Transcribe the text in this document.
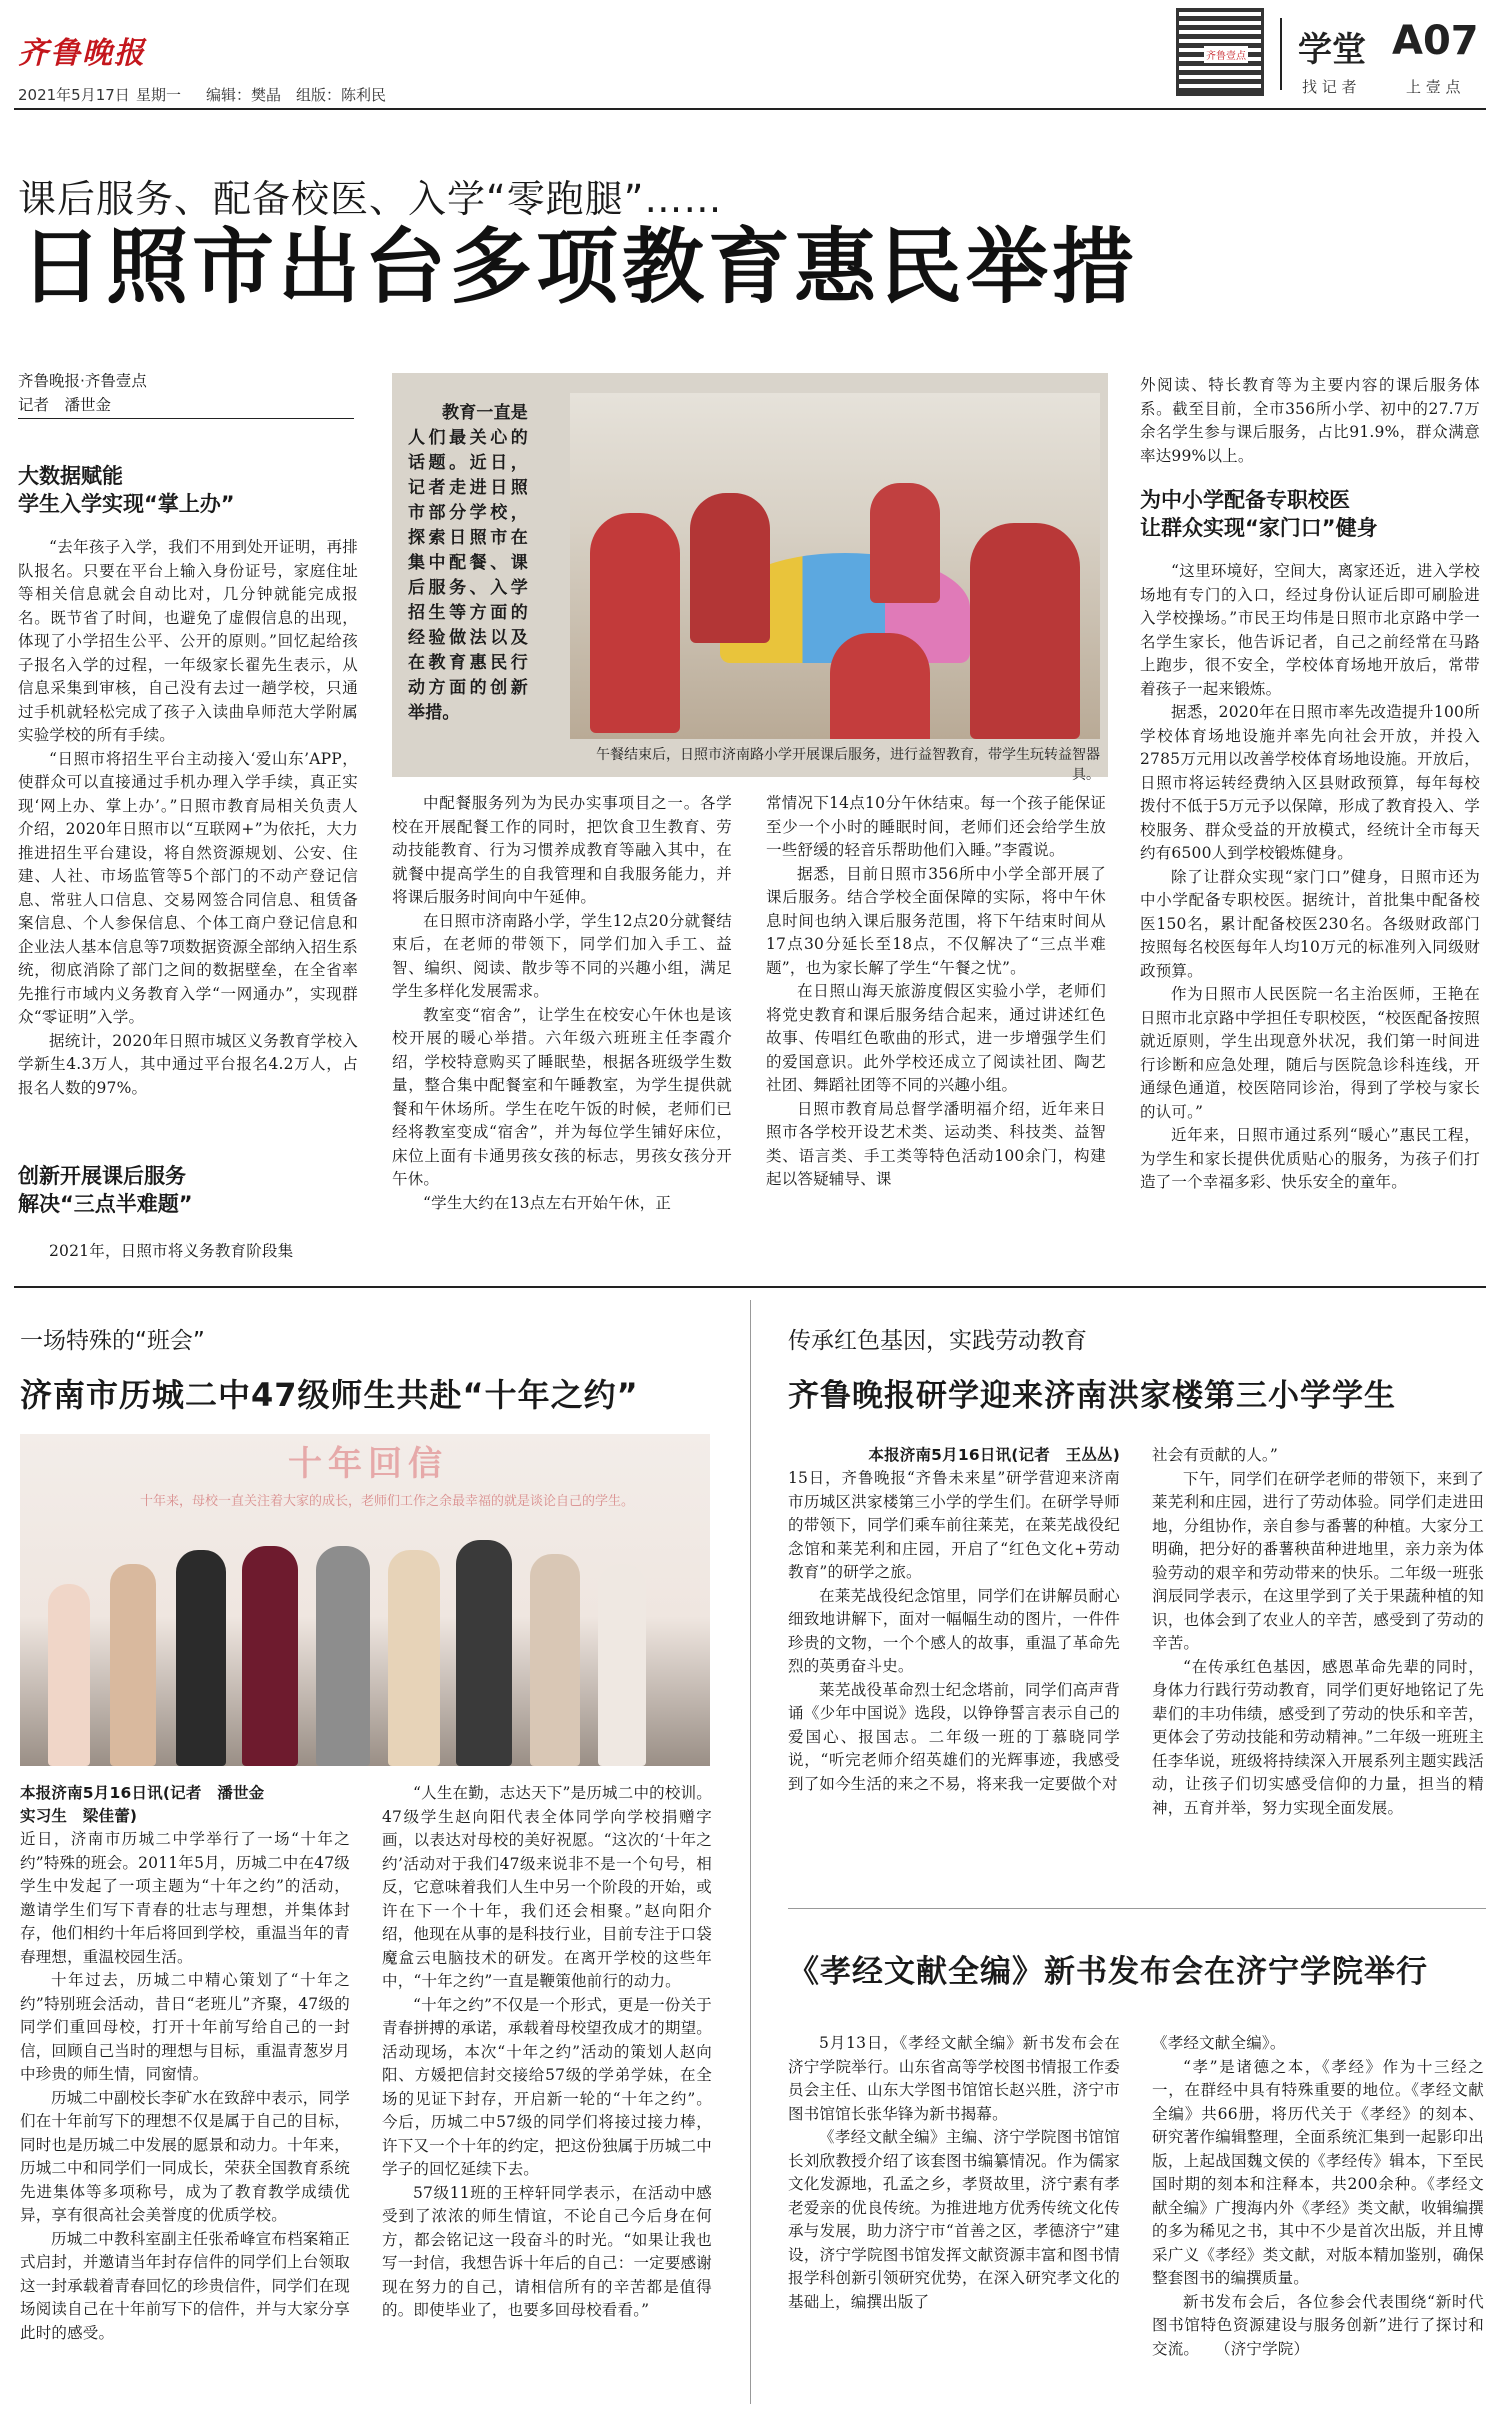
齐鲁晚报
2021年5月17日 星期一 编辑：樊晶 组版：陈利民
齐鲁壹点 学堂 A07
找 记 者	上 壹 点
课后服务、配备校医、入学“零跑腿”……
日照市出台多项教育惠民举措
齐鲁晚报·齐鲁壹点
记者　潘世金
大数据赋能
学生入学实现“掌上办”

“去年孩子入学，我们不用到处开证明，再排队报名。只要在平台上输入身份证号，家庭住址等相关信息就会自动比对，几分钟就能完成报名。既节省了时间，也避免了虚假信息的出现，体现了小学招生公平、公开的原则。”回忆起给孩子报名入学的过程，一年级家长翟先生表示，从信息采集到审核，自己没有去过一趟学校，只通过手机就轻松完成了孩子入读曲阜师范大学附属实验学校的所有手续。

“日照市将招生平台主动接入‘爱山东’APP，使群众可以直接通过手机办理入学手续，真正实现‘网上办、掌上办’。”日照市教育局相关负责人介绍，2020年日照市以“互联网+”为依托，大力推进招生平台建设，将自然资源规划、公安、住建、人社、市场监管等5个部门的不动产登记信息、常驻人口信息、交易网签合同信息、租赁备案信息、个人参保信息、个体工商户登记信息和企业法人基本信息等7项数据资源全部纳入招生系统，彻底消除了部门之间的数据壁垒，在全省率先推行市域内义务教育入学“一网通办”，实现群众“零证明”入学。

据统计，2020年日照市城区义务教育学校入学新生4.3万人，其中通过平台报名4.2万人，占报名人数的97%。

创新开展课后服务
解决“三点半难题”

2021年，日照市将义务教育阶段集

教育一直是人们最关心的话题。近日，记者走进日照市部分学校，探索日照市在集中配餐、课后服务、入学招生等方面的经验做法以及在教育惠民行动方面的创新举措。
午餐结束后，日照市济南路小学开展课后服务，进行益智教育，带学生玩转益智器具。

中配餐服务列为为民办实事项目之一。各学校在开展配餐工作的同时，把饮食卫生教育、劳动技能教育、行为习惯养成教育等融入其中，在就餐中提高学生的自我管理和自我服务能力，并将课后服务时间向中午延伸。

在日照市济南路小学，学生12点20分就餐结束后，在老师的带领下，同学们加入手工、益智、编织、阅读、散步等不同的兴趣小组，满足学生多样化发展需求。

教室变“宿舍”，让学生在校安心午休也是该校开展的暖心举措。六年级六班班主任李霞介绍，学校特意购买了睡眠垫，根据各班级学生数量，整合集中配餐室和午睡教室，为学生提供就餐和午休场所。学生在吃午饭的时候，老师们已经将教室变成“宿舍”，并为每位学生铺好床位，床位上面有卡通男孩女孩的标志，男孩女孩分开午休。

“学生大约在13点左右开始午休，正

常情况下14点10分午休结束。每一个孩子能保证至少一个小时的睡眠时间，老师们还会给学生放一些舒缓的轻音乐帮助他们入睡。”李霞说。

据悉，目前日照市356所中小学全部开展了课后服务。结合学校全面保障的实际，将中午休息时间也纳入课后服务范围，将下午结束时间从17点30分延长至18点，不仅解决了“三点半难题”，也为家长解了学生“午餐之忧”。

在日照山海天旅游度假区实验小学，老师们将党史教育和课后服务结合起来，通过讲述红色故事、传唱红色歌曲的形式，进一步增强学生们的爱国意识。此外学校还成立了阅读社团、陶艺社团、舞蹈社团等不同的兴趣小组。

日照市教育局总督学潘明福介绍，近年来日照市各学校开设艺术类、运动类、科技类、益智类、语言类、手工类等特色活动100余门，构建起以答疑辅导、课

外阅读、特长教育等为主要内容的课后服务体系。截至目前，全市356所小学、初中的27.7万余名学生参与课后服务，占比91.9%，群众满意率达99%以上。

为中小学配备专职校医
让群众实现“家门口”健身

“这里环境好，空间大，离家还近，进入学校场地有专门的入口，经过身份认证后即可刷脸进入学校操场。”市民王均伟是日照市北京路中学一名学生家长，他告诉记者，自己之前经常在马路上跑步，很不安全，学校体育场地开放后，常带着孩子一起来锻炼。

据悉，2020年在日照市率先改造提升100所学校体育场地设施并率先向社会开放，并投入2785万元用以改善学校体育场地设施。开放后，日照市将运转经费纳入区县财政预算，每年每校拨付不低于5万元予以保障，形成了教育投入、学校服务、群众受益的开放模式，经统计全市每天约有6500人到学校锻炼健身。

除了让群众实现“家门口”健身，日照市还为中小学配备专职校医。据统计，首批集中配备校医150名，累计配备校医230名。各级财政部门按照每名校医每年人均10万元的标准列入同级财政预算。

作为日照市人民医院一名主治医师，王艳在日照市北京路中学担任专职校医，“校医配备按照就近原则，学生出现意外状况，我们第一时间进行诊断和应急处理，随后与医院急诊科连线，开通绿色通道，校医陪同诊治，得到了学校与家长的认可。”

近年来，日照市通过系列“暖心”惠民工程，为学生和家长提供优质贴心的服务，为孩子们打造了一个幸福多彩、快乐安全的童年。

一场特殊的“班会”
济南市历城二中47级师生共赴“十年之约”
十年回信
十年来，母校一直关注着大家的成长，老师们工作之余最幸福的就是谈论自己的学生。
本报济南5月16日讯(记者　潘世金
实习生　梁佳蕾)

近日，济南市历城二中学举行了一场“十年之约”特殊的班会。2011年5月，历城二中在47级学生中发起了一项主题为“十年之约”的活动，邀请学生们写下青春的壮志与理想，并集体封存，他们相约十年后将回到学校，重温当年的青春理想，重温校园生活。

十年过去，历城二中精心策划了“十年之约”特别班会活动，昔日“老班儿”齐聚，47级的同学们重回母校，打开十年前写给自己的一封信，回顾自己当时的理想与目标，重温青葱岁月中珍贵的师生情，同窗情。

历城二中副校长李矿水在致辞中表示，同学们在十年前写下的理想不仅是属于自己的目标，同时也是历城二中发展的愿景和动力。十年来，历城二中和同学们一同成长，荣获全国教育系统先进集体等多项称号，成为了教育教学成绩优异，享有很高社会美誉度的优质学校。

历城二中教科室副主任张希峰宣布档案箱正式启封，并邀请当年封存信件的同学们上台领取这一封承载着青春回忆的珍贵信件，同学们在现场阅读自己在十年前写下的信件，并与大家分享此时的感受。

“人生在勤，志达天下”是历城二中的校训。47级学生赵向阳代表全体同学向学校捐赠字画，以表达对母校的美好祝愿。“这次的‘十年之约’活动对于我们47级来说非不是一个句号，相反，它意味着我们人生中另一个阶段的开始，或许在下一个十年，我们还会相聚。”赵向阳介绍，他现在从事的是科技行业，目前专注于口袋魔盒云电脑技术的研发。在离开学校的这些年中，“十年之约”一直是鞭策他前行的动力。

“十年之约”不仅是一个形式，更是一份关于青春拼搏的承诺，承载着母校望孜成才的期望。活动现场，本次“十年之约”活动的策划人赵向阳、方媛把信封交接给57级的学弟学妹，在全场的见证下封存，开启新一轮的“十年之约”。今后，历城二中57级的同学们将接过接力棒，许下又一个十年的约定，把这份独属于历城二中学子的回忆延续下去。

57级11班的王梓轩同学表示，在活动中感受到了浓浓的师生情谊，不论自己今后身在何方，都会铭记这一段奋斗的时光。“如果让我也写一封信，我想告诉十年后的自己：一定要感谢现在努力的自己，请相信所有的辛苦都是值得的。即使毕业了，也要多回母校看看。”

传承红色基因，实践劳动教育
齐鲁晚报研学迎来济南洪家楼第三小学学生
本报济南5月16日讯(记者　王丛丛)

15日，齐鲁晚报“齐鲁未来星”研学营迎来济南市历城区洪家楼第三小学的学生们。在研学导师的带领下，同学们乘车前往莱芜，在莱芜战役纪念馆和莱芜利和庄园，开启了“红色文化+劳动教育”的研学之旅。

在莱芜战役纪念馆里，同学们在讲解员耐心细致地讲解下，面对一幅幅生动的图片，一件件珍贵的文物，一个个感人的故事，重温了革命先烈的英勇奋斗史。

莱芜战役革命烈士纪念塔前，同学们高声背诵《少年中国说》选段，以铮铮誓言表示自己的爱国心、报国志。二年级一班的丁慕晓同学说，“听完老师介绍英雄们的光辉事迹，我感受到了如今生活的来之不易，将来我一定要做个对

社会有贡献的人。”

下午，同学们在研学老师的带领下，来到了莱芜利和庄园，进行了劳动体验。同学们走进田地，分组协作，亲自参与番薯的种植。大家分工明确，把分好的番薯秧苗种进地里，亲力亲为体验劳动的艰辛和劳动带来的快乐。二年级一班张润辰同学表示，在这里学到了关于果蔬种植的知识，也体会到了农业人的辛苦，感受到了劳动的辛苦。

“在传承红色基因，感恩革命先辈的同时，身体力行践行劳动教育，同学们更好地铭记了先辈们的丰功伟绩，感受到了劳动的快乐和辛苦，更体会了劳动技能和劳动精神。”二年级一班班主任李华说，班级将持续深入开展系列主题实践活动，让孩子们切实感受信仰的力量，担当的精神，五育并举，努力实现全面发展。

《孝经文献全编》新书发布会在济宁学院举行

5月13日，《孝经文献全编》新书发布会在济宁学院举行。山东省高等学校图书情报工作委员会主任、山东大学图书馆馆长赵兴胜，济宁市图书馆馆长张华锋为新书揭幕。

《孝经文献全编》主编、济宁学院图书馆馆长刘欣教授介绍了该套图书编纂情况。作为儒家文化发源地，孔孟之乡，孝贤故里，济宁素有孝老爱亲的优良传统。为推进地方优秀传统文化传承与发展，助力济宁市“首善之区，孝德济宁”建设，济宁学院图书馆发挥文献资源丰富和图书情报学科创新引领研究优势，在深入研究孝文化的基础上，编撰出版了

《孝经文献全编》。

“孝”是诸德之本，《孝经》作为十三经之一，在群经中具有特殊重要的地位。《孝经文献全编》共66册，将历代关于《孝经》的刻本、研究著作编辑整理，全面系统汇集到一起影印出版，上起战国魏文侯的《孝经传》辑本，下至民国时期的刻本和注释本，共200余种。《孝经文献全编》广搜海内外《孝经》类文献，收辑编撰的多为稀见之书，其中不少是首次出版，并且博采广义《孝经》类文献，对版本精加鉴别，确保整套图书的编撰质量。

新书发布会后，各位参会代表围绕“新时代图书馆特色资源建设与服务创新”进行了探讨和交流。　　（济宁学院）
